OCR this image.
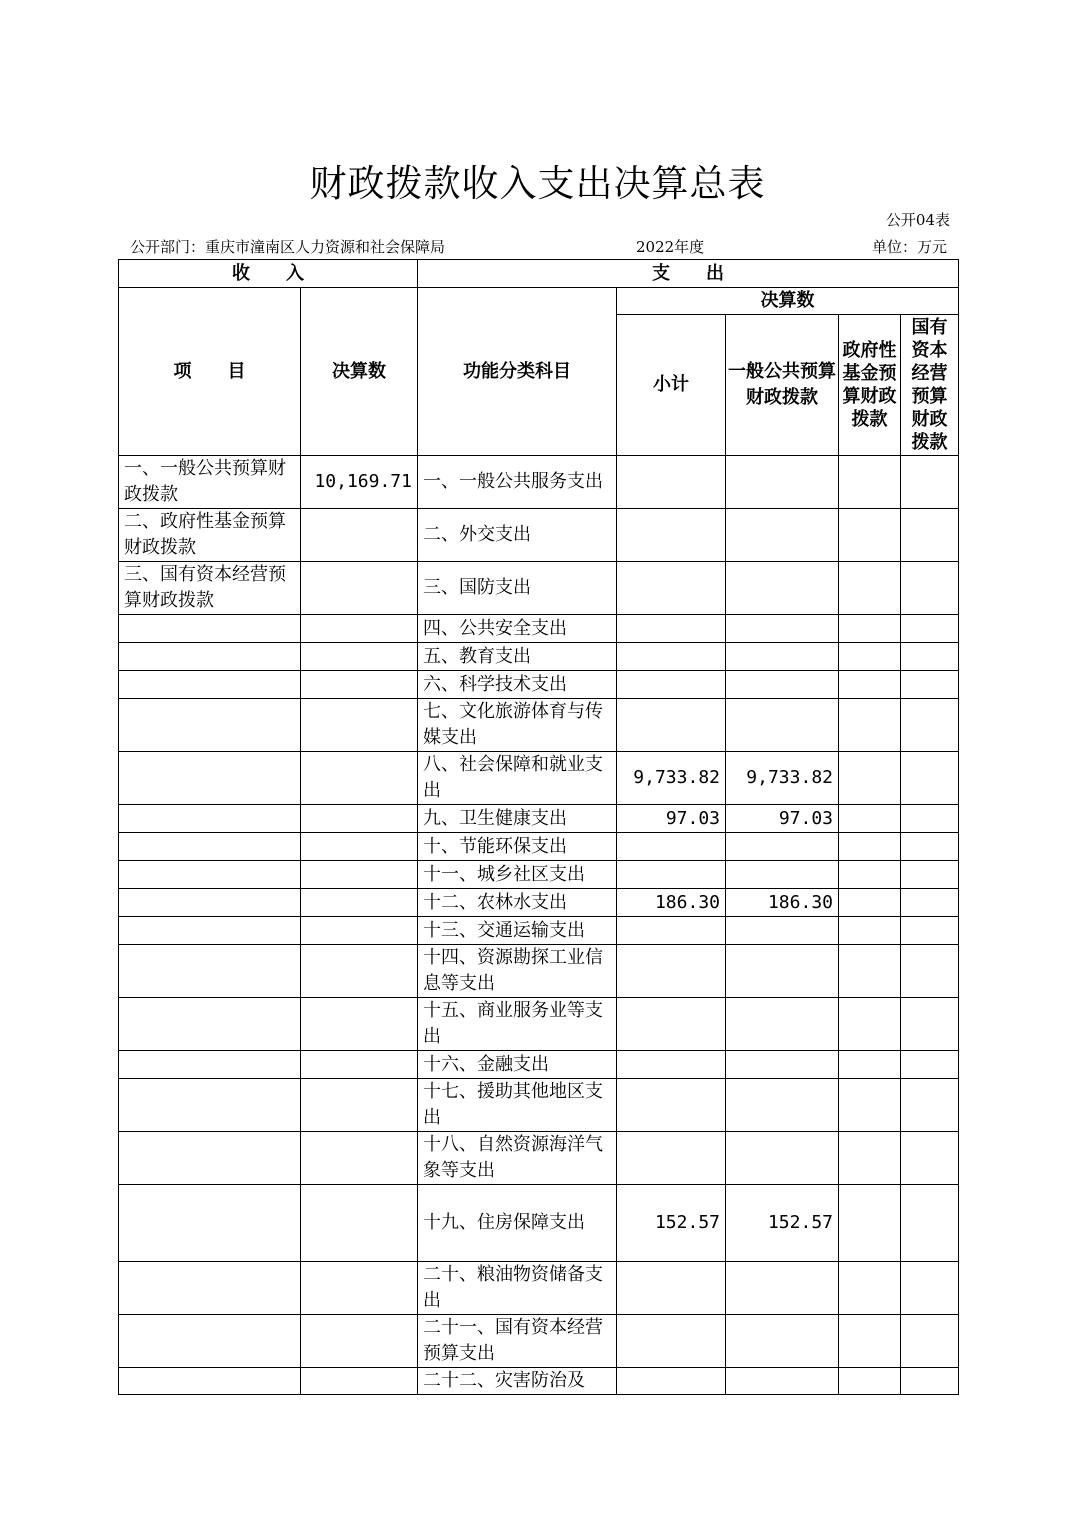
财政拨款收入支出决算总表
公开04表
公开部门：重庆市潼南区人力资源和社会保障局	2022年度	单位：万元
收　　入		支　　出				
项　　目	决算数	功能分类科目	决算数			
			小计	一般公共预算财政拨款	政府性基金预算财政拨款	国有资本经营预算财政拨款
一、一般公共预算财政拨款	10,169.71	一、一般公共服务支出				
二、政府性基金预算财政拨款		二、外交支出				
三、国有资本经营预算财政拨款		三、国防支出				
		四、公共安全支出				
		五、教育支出				
		六、科学技术支出				
		七、文化旅游体育与传媒支出				
		八、社会保障和就业支出	9,733.82	9,733.82		
		九、卫生健康支出	97.03	97.03		
		十、节能环保支出				
		十一、城乡社区支出				
		十二、农林水支出	186.30	186.30		
		十三、交通运输支出				
		十四、资源勘探工业信息等支出				
		十五、商业服务业等支出				
		十六、金融支出				
		十七、援助其他地区支出				
		十八、自然资源海洋气象等支出				
		十九、住房保障支出	152.57	152.57		
		二十、粮油物资储备支出				
		二十一、国有资本经营预算支出				
		二十二、灾害防治及				
